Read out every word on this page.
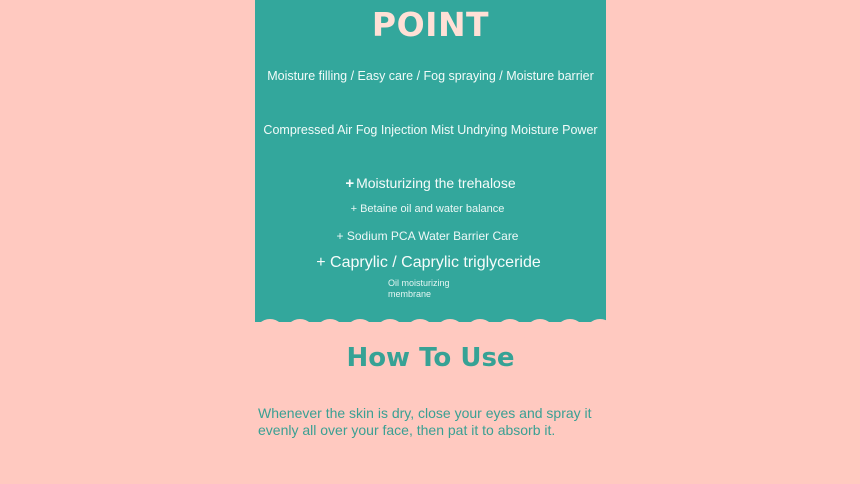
POINT
Moisture filling / Easy care / Fog spraying / Moisture barrier
Compressed Air Fog Injection Mist Undrying Moisture Power
+ Moisturizing the trehalose
+ Betaine oil and water balance
+ Sodium PCA Water Barrier Care
+ Caprylic / Caprylic triglyceride
Oil moisturizing
membrane
How To Use
Whenever the skin is dry, close your eyes and spray it
evenly all over your face, then pat it to absorb it.
